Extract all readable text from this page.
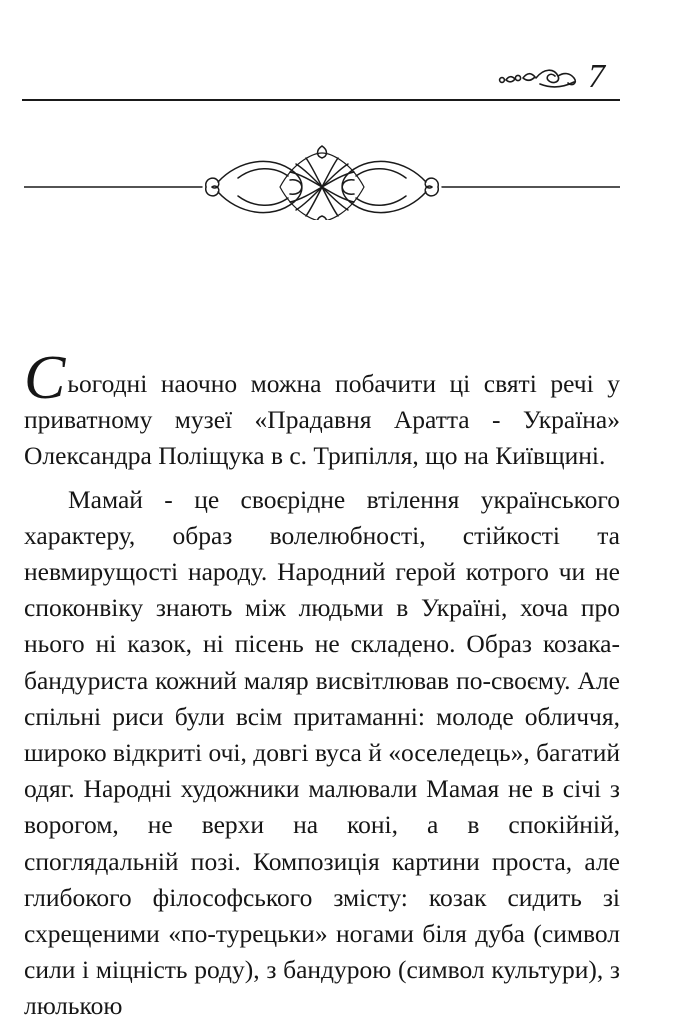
7

Сьогодні наочно можна побачити ці святі речі у приватному музеї «Прадавня Аратта - Україна» Олександра Поліщука в с. Трипілля, що на Київщині.

Мамай - це своєрідне втілення українського характеру, образ волелюбності, стійкості та невмирущості народу. Народний герой котрого чи не споконвіку знають між людьми в Україні, хоча про нього ні казок, ні пісень не складено. Образ козака-бандуриста кожний маляр висвітлював по-своєму. Але спільні риси були всім притаманні: молоде обличчя, широко відкриті очі, довгі вуса й «оселедець», багатий одяг. Народні художники малювали Мамая не в січі з ворогом, не верхи на коні, а в спокійній, споглядальній позі. Композиція картини проста, але глибокого філософського змісту: козак сидить зі схрещеними «по-турецьки» ногами біля дуба (символ сили і міцність роду), з бандурою (символ культури), з люлькою
